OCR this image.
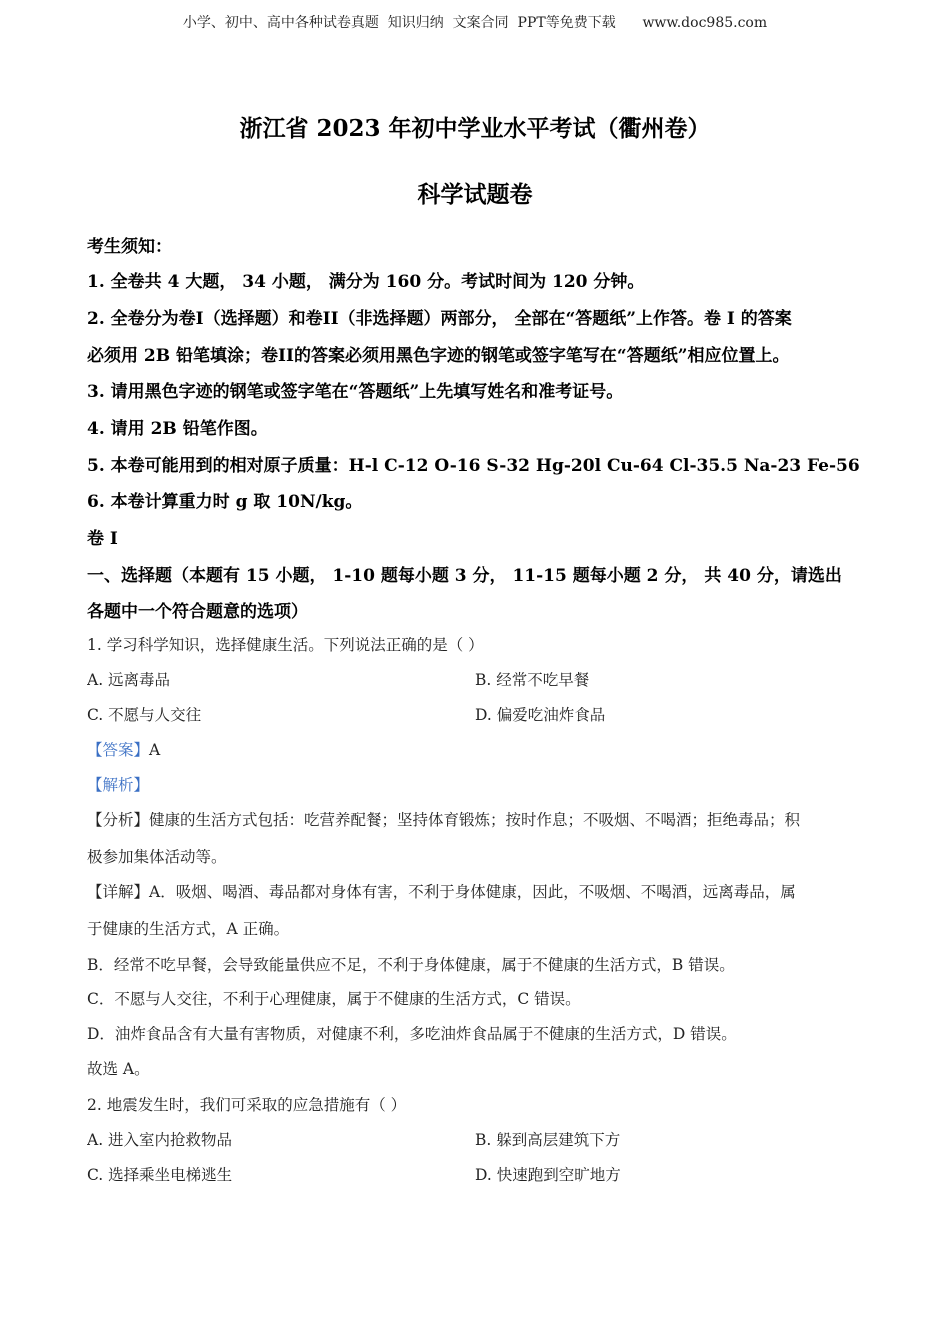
小学、初中、高中各种试卷真题  知识归纳  文案合同  PPT等免费下载      www.doc985.com
浙江省 2023 年初中学业水平考试（衢州卷）
科学试题卷
考生须知：
1. 全卷共 4 大题， 34 小题， 满分为 160 分。考试时间为 120 分钟。
2. 全卷分为卷I（选择题）和卷II（非选择题）两部分， 全部在“答题纸”上作答。卷 I 的答案
必须用 2B 铅笔填涂；卷II的答案必须用黑色字迹的钢笔或签字笔写在“答题纸”相应位置上。
3. 请用黑色字迹的钢笔或签字笔在“答题纸”上先填写姓名和准考证号。
4. 请用 2B 铅笔作图。
5. 本卷可能用到的相对原子质量：H-l C-12 O-16 S-32 Hg-20l Cu-64 Cl-35.5 Na-23 Fe-56
6. 本卷计算重力时 g 取 10N/kg。
卷 I
一、选择题（本题有 15 小题， 1-10 题每小题 3 分， 11-15 题每小题 2 分， 共 40 分，请选出
各题中一个符合题意的选项）
1. 学习科学知识，选择健康生活。下列说法正确的是（ ）
A. 远离毒品	B. 经常不吃早餐
C. 不愿与人交往	D. 偏爱吃油炸食品
【答案】A
【解析】
【分析】健康的生活方式包括：吃营养配餐；坚持体育锻炼；按时作息；不吸烟、不喝酒；拒绝毒品；积
极参加集体活动等。
【详解】A．吸烟、喝酒、毒品都对身体有害，不利于身体健康，因此，不吸烟、不喝酒，远离毒品，属
于健康的生活方式，A 正确。
B．经常不吃早餐，会导致能量供应不足，不利于身体健康，属于不健康的生活方式，B 错误。
C．不愿与人交往，不利于心理健康，属于不健康的生活方式，C 错误。
D．油炸食品含有大量有害物质，对健康不利，多吃油炸食品属于不健康的生活方式，D 错误。
故选 A。
2. 地震发生时，我们可采取的应急措施有（ ）
A. 进入室内抢救物品	B. 躲到高层建筑下方
C. 选择乘坐电梯逃生	D. 快速跑到空旷地方
